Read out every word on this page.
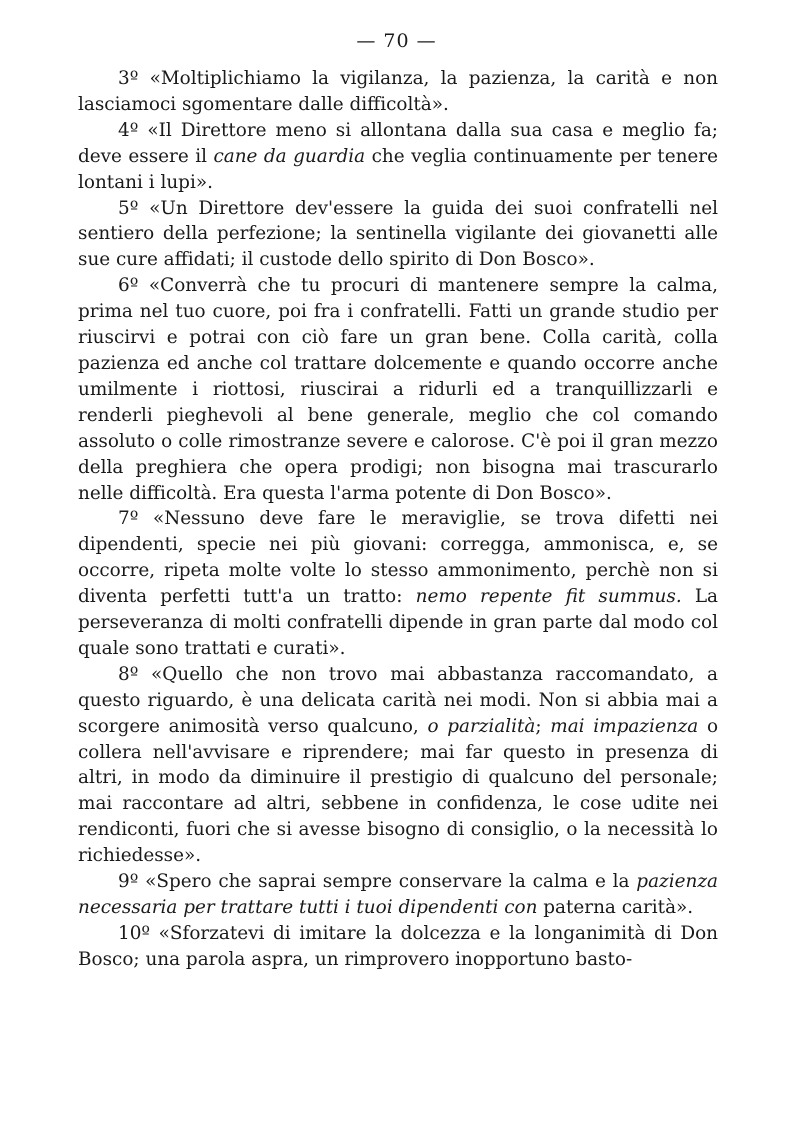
— 70 —

3º «Moltiplichiamo la vigilanza, la pazienza, la carità e non lasciamoci sgomentare dalle difficoltà».

4º «Il Direttore meno si allontana dalla sua casa e meglio fa; deve essere il cane da guardia che veglia continuamente per tenere lontani i lupi».

5º «Un Direttore dev'essere la guida dei suoi confratelli nel sentiero della perfezione; la sentinella vigilante dei giovanetti alle sue cure affidati; il custode dello spirito di Don Bosco».

6º «Converrà che tu procuri di mantenere sempre la calma, prima nel tuo cuore, poi fra i confratelli. Fatti un grande studio per riuscirvi e potrai con ciò fare un gran bene. Colla carità, colla pazienza ed anche col trattare dolcemente e quando occorre anche umilmente i riottosi, riuscirai a ridurli ed a tranquillizzarli e renderli pieghevoli al bene generale, meglio che col comando assoluto o colle rimostranze severe e calorose. C'è poi il gran mezzo della preghiera che opera prodigi; non bisogna mai trascurarlo nelle difficoltà. Era questa l'arma potente di Don Bosco».

7º «Nessuno deve fare le meraviglie, se trova difetti nei dipendenti, specie nei più giovani: corregga, ammonisca, e, se occorre, ripeta molte volte lo stesso ammonimento, perchè non si diventa perfetti tutt'a un tratto: nemo repente fit summus. La perseveranza di molti confratelli dipende in gran parte dal modo col quale sono trattati e curati».

8º «Quello che non trovo mai abbastanza raccomandato, a questo riguardo, è una delicata carità nei modi. Non si abbia mai a scorgere animosità verso qualcuno, o parzialità; mai impazienza o collera nell'avvisare e riprendere; mai far questo in presenza di altri, in modo da diminuire il prestigio di qualcuno del personale; mai raccontare ad altri, sebbene in confidenza, le cose udite nei rendiconti, fuori che si avesse bisogno di consiglio, o la necessità lo richiedesse».

9º «Spero che saprai sempre conservare la calma e la pazienza necessaria per trattare tutti i tuoi dipendenti con paterna carità».

10º «Sforzatevi di imitare la dolcezza e la longanimità di Don Bosco; una parola aspra, un rimprovero inopportuno basto-
